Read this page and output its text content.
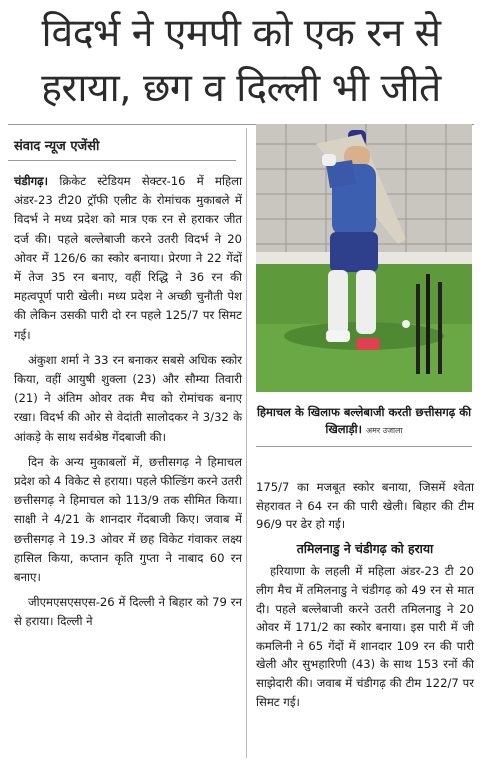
विदर्भ ने एमपी को एक रन से
हराया, छग व दिल्ली भी जीते
संवाद न्यूज एजेंसी

चंडीगढ़। क्रिकेट स्टेडियम सेक्टर-16 में महिला अंडर-23 टी20 ट्रॉफी एलीट के रोमांचक मुकाबले में विदर्भ ने मध्य प्रदेश को मात्र एक रन से हराकर जीत दर्ज की। पहले बल्लेबाजी करने उतरी विदर्भ ने 20 ओवर में 126/6 का स्कोर बनाया। प्रेरणा ने 22 गेंदों में तेज 35 रन बनाए, वहीं रिद्धि ने 36 रन की महत्वपूर्ण पारी खेली। मध्य प्रदेश ने अच्छी चुनौती पेश की लेकिन उसकी पारी दो रन पहले 125/7 पर सिमट गई।

अंकुशा शर्मा ने 33 रन बनाकर सबसे अधिक स्कोर किया, वहीं आयुषी शुक्ला (23) और सौम्या तिवारी (21) ने अंतिम ओवर तक मैच को रोमांचक बनाए रखा। विदर्भ की ओर से वेदांती सालोदकर ने 3/32 के आंकड़े के साथ सर्वश्रेष्ठ गेंदबाजी की।

दिन के अन्य मुकाबलों में, छत्तीसगढ़ ने हिमाचल प्रदेश को 4 विकेट से हराया। पहले फील्डिंग करने उतरी छत्तीसगढ़ ने हिमाचल को 113/9 तक सीमित किया। साक्षी ने 4/21 के शानदार गेंदबाजी किए। जवाब में छत्तीसगढ़ ने 19.3 ओवर में छह विकेट गंवाकर लक्ष्य हासिल किया, कप्तान कृति गुप्ता ने नाबाद 60 रन बनाए।

जीएमएसएसएस-26 में दिल्ली ने बिहार को 79 रन से हराया। दिल्ली ने

हिमाचल के खिलाफ बल्लेबाजी करती छत्तीसगढ़ की खिलाड़ी। अमर उजाला

175/7 का मजबूत स्कोर बनाया, जिसमें श्वेता सेहरावत ने 64 रन की पारी खेली। बिहार की टीम 96/9 पर ढेर हो गई।

तमिलनाडु ने चंडीगढ़ को हराया

हरियाणा के लहली में महिला अंडर-23 टी 20 लीग मैच में तमिलनाडु ने चंडीगढ़ को 49 रन से मात दी। पहले बल्लेबाजी करने उतरी तमिलनाडु ने 20 ओवर में 171/2 का स्कोर बनाया। इस पारी में जी कमलिनी ने 65 गेंदों में शानदार 109 रन की पारी खेली और सुभहारिणी (43) के साथ 153 रनों की साझेदारी की। जवाब में चंडीगढ़ की टीम 122/7 पर सिमट गई।
